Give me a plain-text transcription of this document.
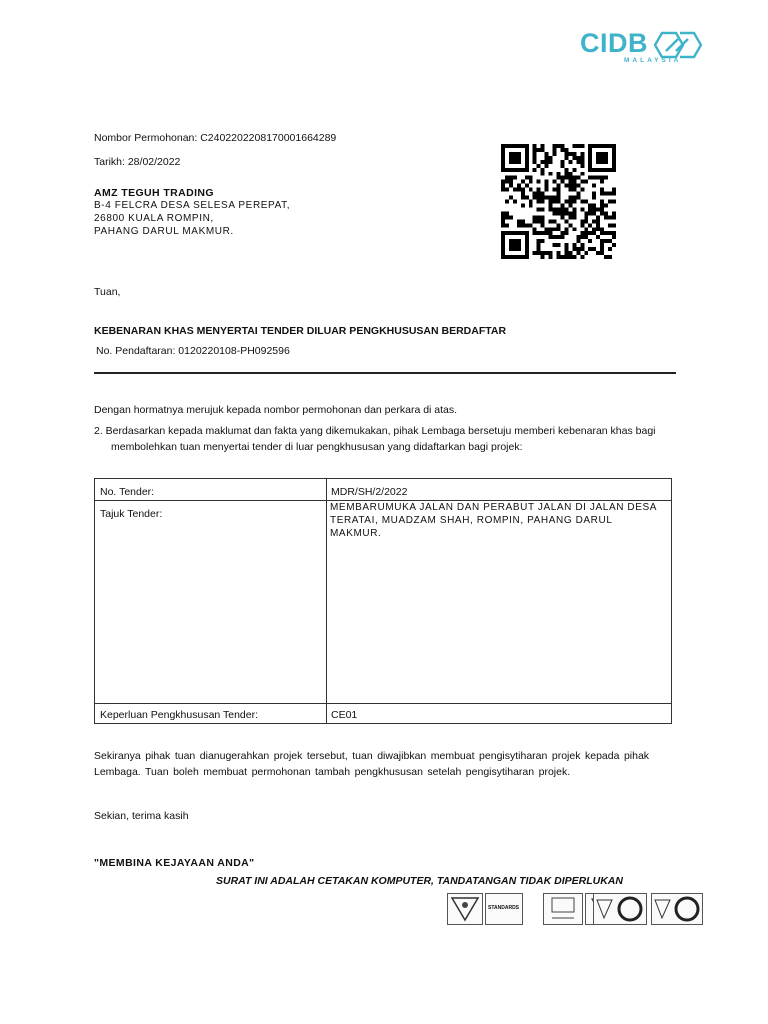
CIDB
MALAYSIA
Nombor Permohonan: C2402202208170001664289
Tarikh: 28/02/2022
AMZ TEGUH TRADING
B-4 FELCRA DESA SELESA PEREPAT,
26800 KUALA ROMPIN,
PAHANG DARUL MAKMUR.
Tuan,
KEBENARAN KHAS MENYERTAI TENDER DILUAR PENGKHUSUSAN BERDAFTAR
No. Pendaftaran: 0120220108-PH092596
Dengan hormatnya merujuk kepada nombor permohonan dan perkara di atas.
2. Berdasarkan kepada maklumat dan fakta yang dikemukakan, pihak Lembaga bersetuju memberi kebenaran khas bagi
membolehkan tuan menyertai tender di luar pengkhususan yang didaftarkan bagi projek:
No. Tender:	MDR/SH/2/2022
Tajuk Tender:
MEMBARUMUKA JALAN DAN PERABUT JALAN DI JALAN DESA
TERATAI, MUADZAM SHAH, ROMPIN, PAHANG DARUL
MAKMUR.
Keperluan Pengkhususan Tender:	CE01
Sekiranya pihak tuan dianugerahkan projek tersebut, tuan diwajibkan membuat pengisytiharan projek kepada pihak
Lembaga. Tuan boleh membuat permohonan tambah pengkhususan setelah pengisytiharan projek.
Sekian, terima kasih
"MEMBINA KEJAYAAN ANDA"
SURAT INI ADALAH CETAKAN KOMPUTER, TANDATANGAN TIDAK DIPERLUKAN
STANDARDS
